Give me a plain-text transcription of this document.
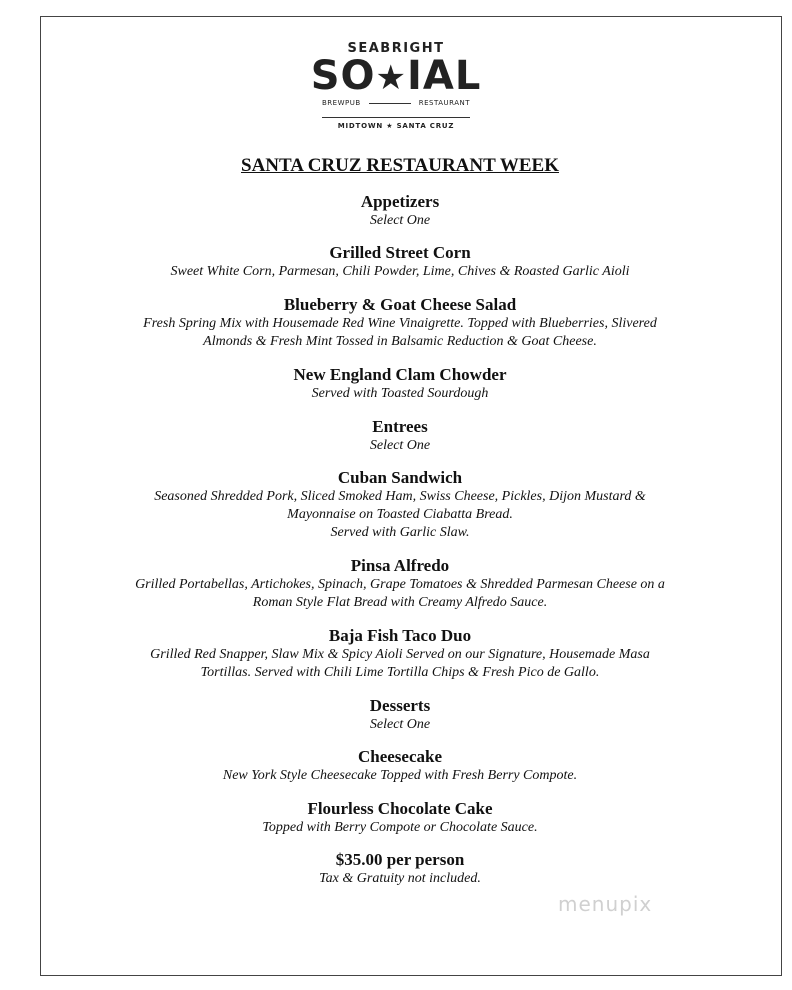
SEABRIGHT
SO★IAL
BREWPUB	RESTAURANT
MIDTOWN ★ SANTA CRUZ
SANTA CRUZ RESTAURANT WEEK
Appetizers
Select One
Grilled Street Corn
Sweet White Corn, Parmesan, Chili Powder, Lime, Chives & Roasted Garlic Aioli
Blueberry & Goat Cheese Salad
Fresh Spring Mix with Housemade Red Wine Vinaigrette. Topped with Blueberries, Slivered
Almonds & Fresh Mint Tossed in Balsamic Reduction & Goat Cheese.
New England Clam Chowder
Served with Toasted Sourdough
Entrees
Select One
Cuban Sandwich
Seasoned Shredded Pork, Sliced Smoked Ham, Swiss Cheese, Pickles, Dijon Mustard &
Mayonnaise on Toasted Ciabatta Bread.
Served with Garlic Slaw.
Pinsa Alfredo
Grilled Portabellas, Artichokes, Spinach, Grape Tomatoes & Shredded Parmesan Cheese on a
Roman Style Flat Bread with Creamy Alfredo Sauce.
Baja Fish Taco Duo
Grilled Red Snapper, Slaw Mix & Spicy Aioli Served on our Signature, Housemade Masa
Tortillas. Served with Chili Lime Tortilla Chips & Fresh Pico de Gallo.
Desserts
Select One
Cheesecake
New York Style Cheesecake Topped with Fresh Berry Compote.
Flourless Chocolate Cake
Topped with Berry Compote or Chocolate Sauce.
$35.00 per person
Tax & Gratuity not included.
menupix
